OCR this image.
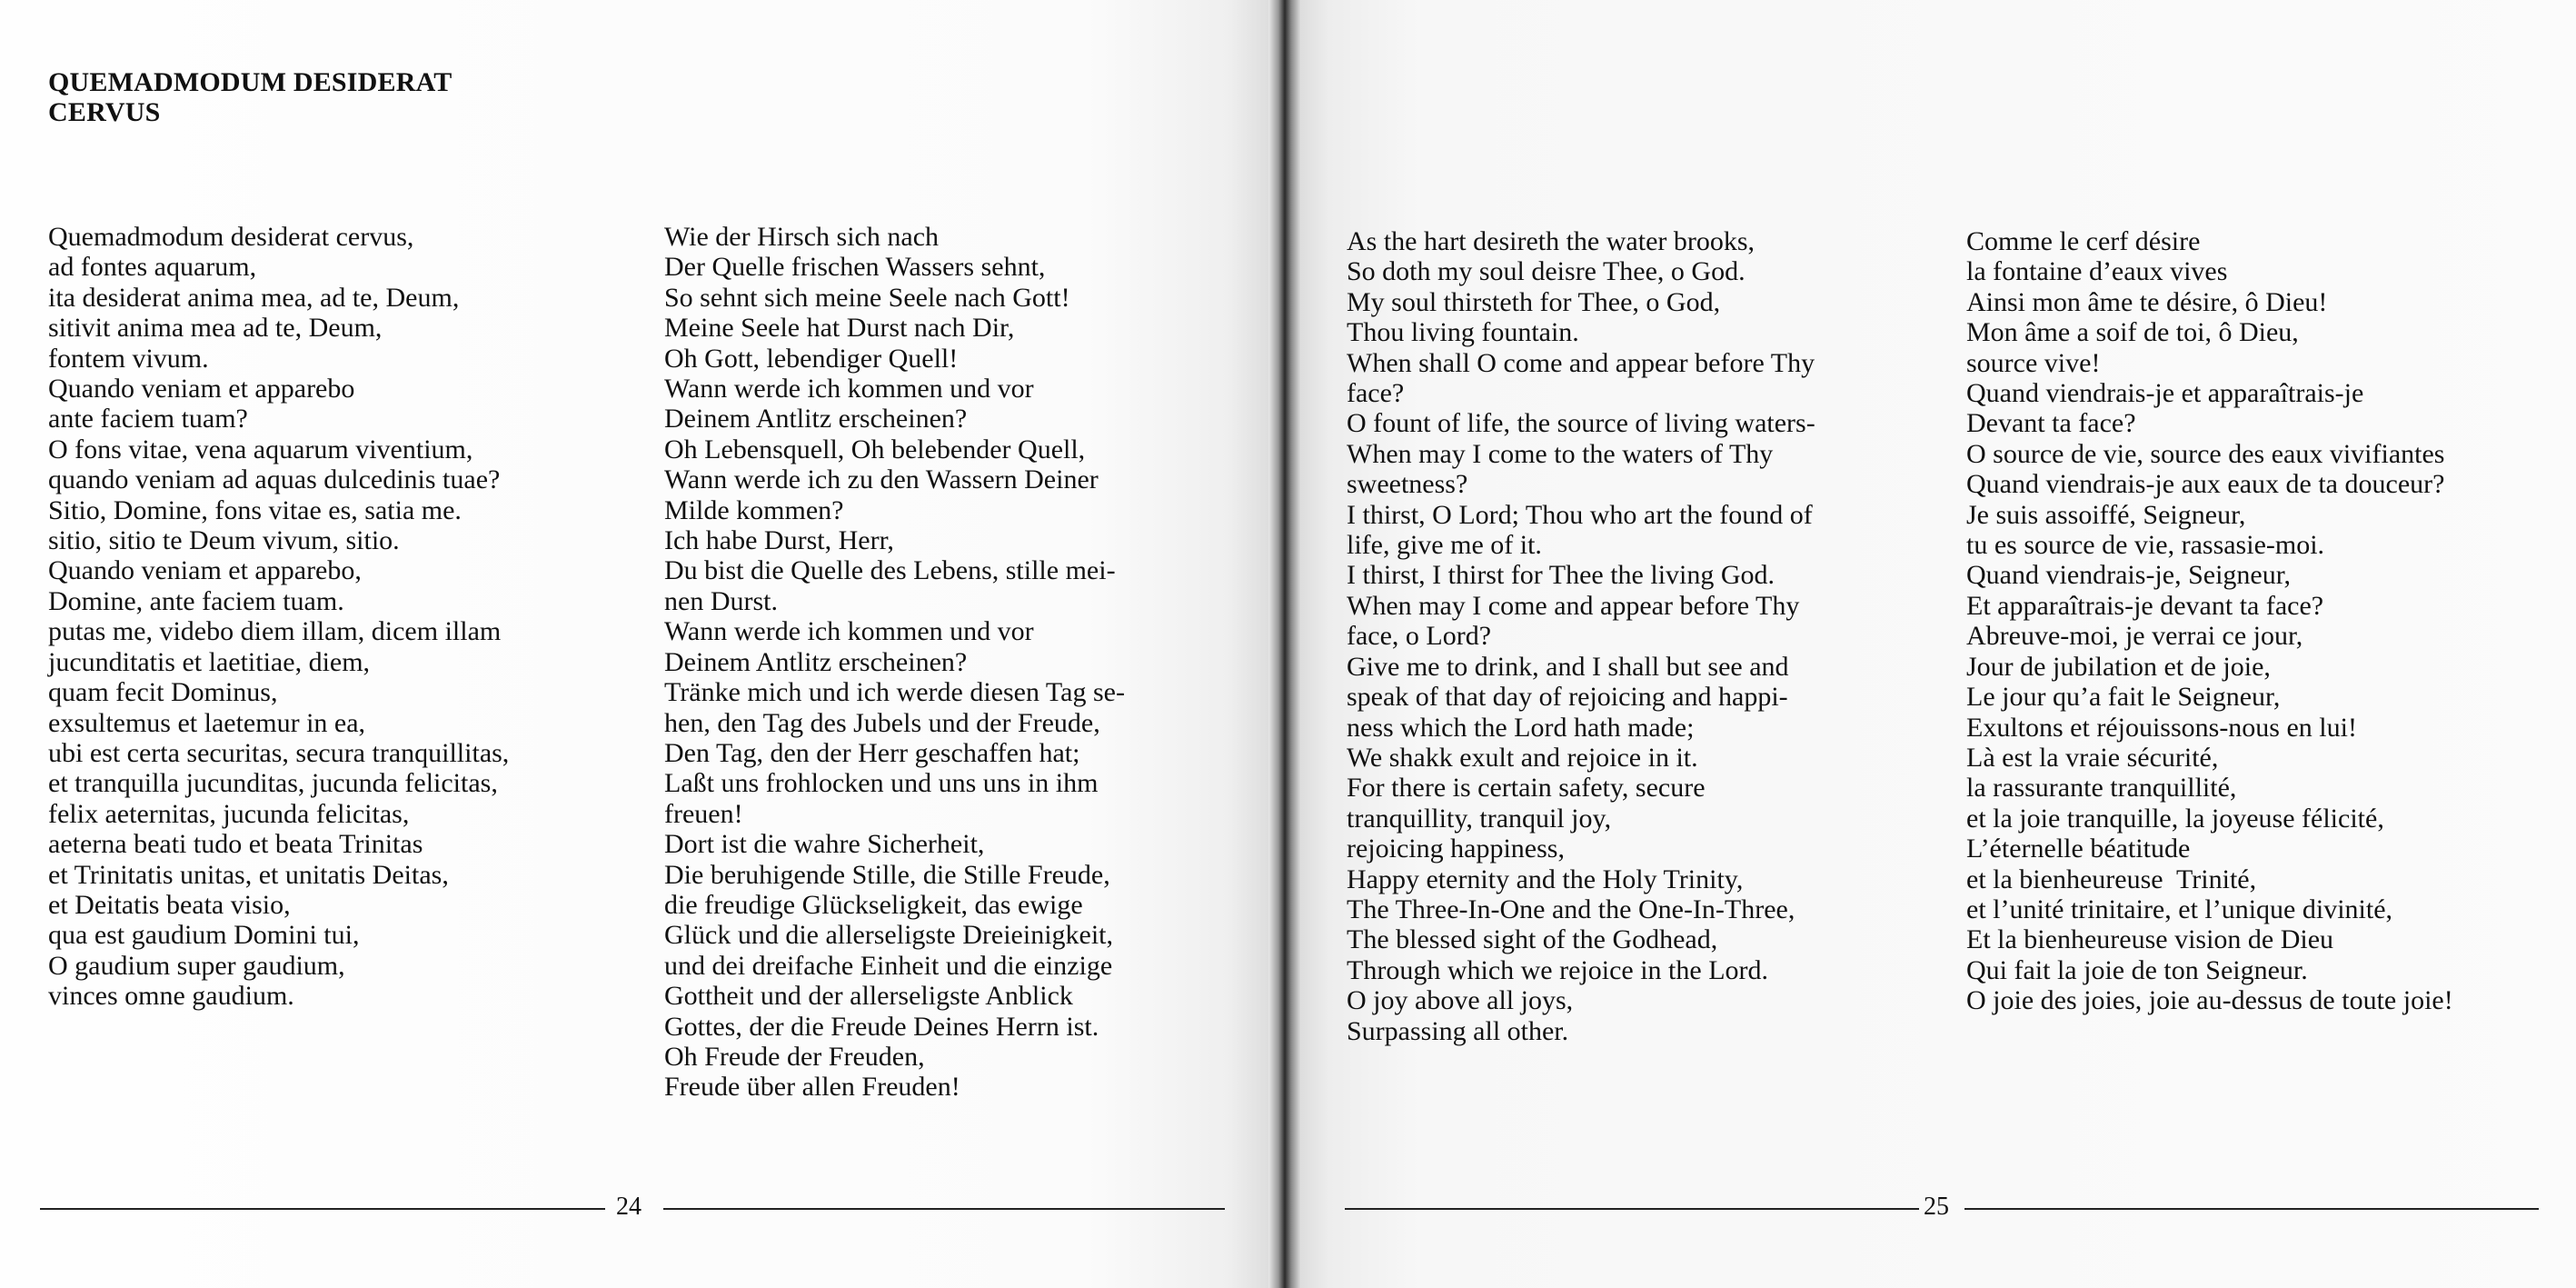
QUEMADMODUM DESIDERAT
CERVUS
Quemadmodum desiderat cervus,
ad fontes aquarum,
ita desiderat anima mea, ad te, Deum,
sitivit anima mea ad te, Deum,
fontem vivum.
Quando veniam et apparebo
ante faciem tuam?
O fons vitae, vena aquarum viventium,
quando veniam ad aquas dulcedinis tuae?
Sitio, Domine, fons vitae es, satia me.
sitio, sitio te Deum vivum, sitio.
Quando veniam et apparebo,
Domine, ante faciem tuam.
putas me, videbo diem illam, dicem illam
jucunditatis et laetitiae, diem,
quam fecit Dominus,
exsultemus et laetemur in ea,
ubi est certa securitas, secura tranquillitas,
et tranquilla jucunditas, jucunda felicitas,
felix aeternitas, jucunda felicitas,
aeterna beati tudo et beata Trinitas
et Trinitatis unitas, et unitatis Deitas,
et Deitatis beata visio,
qua est gaudium Domini tui,
O gaudium super gaudium,
vinces omne gaudium.
Wie der Hirsch sich nach
Der Quelle frischen Wassers sehnt,
So sehnt sich meine Seele nach Gott!
Meine Seele hat Durst nach Dir,
Oh Gott, lebendiger Quell!
Wann werde ich kommen und vor
Deinem Antlitz erscheinen?
Oh Lebensquell, Oh belebender Quell,
Wann werde ich zu den Wassern Deiner
Milde kommen?
Ich habe Durst, Herr,
Du bist die Quelle des Lebens, stille mei-
nen Durst.
Wann werde ich kommen und vor
Deinem Antlitz erscheinen?
Tränke mich und ich werde diesen Tag se-
hen, den Tag des Jubels und der Freude,
Den Tag, den der Herr geschaffen hat;
Laßt uns frohlocken und uns uns in ihm
freuen!
Dort ist die wahre Sicherheit,
Die beruhigende Stille, die Stille Freude,
die freudige Glückseligkeit, das ewige
Glück und die allerseligste Dreieinigkeit,
und dei dreifache Einheit und die einzige
Gottheit und der allerseligste Anblick
Gottes, der die Freude Deines Herrn ist.
Oh Freude der Freuden,
Freude über allen Freuden!
24
As the hart desireth the water brooks,
So doth my soul deisre Thee, o God.
My soul thirsteth for Thee, o God,
Thou living fountain.
When shall O come and appear before Thy
face?
O fount of life, the source of living waters-
When may I come to the waters of Thy
sweetness?
I thirst, O Lord; Thou who art the found of
life, give me of it.
I thirst, I thirst for Thee the living God.
When may I come and appear before Thy
face, o Lord?
Give me to drink, and I shall but see and
speak of that day of rejoicing and happi-
ness which the Lord hath made;
We shakk exult and rejoice in it.
For there is certain safety, secure
tranquillity, tranquil joy,
rejoicing happiness,
Happy eternity and the Holy Trinity,
The Three-In-One and the One-In-Three,
The blessed sight of the Godhead,
Through which we rejoice in the Lord.
O joy above all joys,
Surpassing all other.
Comme le cerf désire
la fontaine d’eaux vives
Ainsi mon âme te désire, ô Dieu!
Mon âme a soif de toi, ô Dieu,
source vive!
Quand viendrais-je et apparaîtrais-je
Devant ta face?
O source de vie, source des eaux vivifiantes
Quand viendrais-je aux eaux de ta douceur?
Je suis assoiffé, Seigneur,
tu es source de vie, rassasie-moi.
Quand viendrais-je, Seigneur,
Et apparaîtrais-je devant ta face?
Abreuve-moi, je verrai ce jour,
Jour de jubilation et de joie,
Le jour qu’a fait le Seigneur,
Exultons et réjouissons-nous en lui!
Là est la vraie sécurité,
la rassurante tranquillité,
et la joie tranquille, la joyeuse félicité,
L’éternelle béatitude
et la bienheureuse  Trinité,
et l’unité trinitaire, et l’unique divinité,
Et la bienheureuse vision de Dieu
Qui fait la joie de ton Seigneur.
O joie des joies, joie au-dessus de toute joie!
25
